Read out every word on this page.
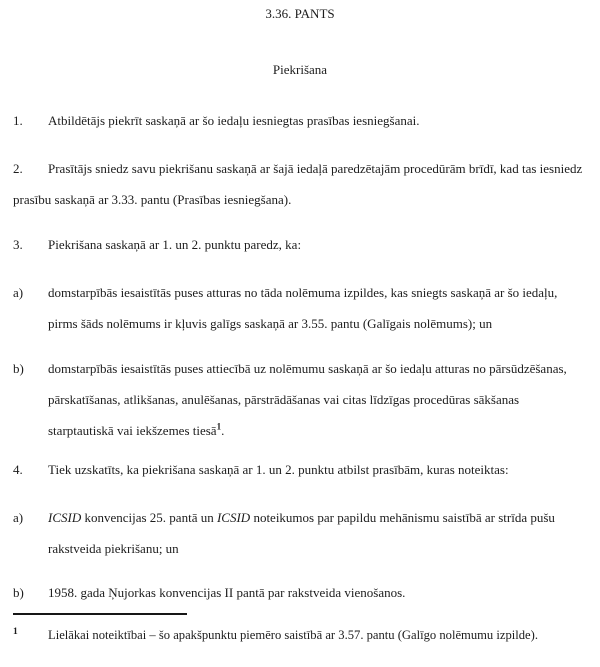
3.36. PANTS
Piekrišana
1. Atbildētājs piekrīt saskaņā ar šo iedaļu iesniegtas prasības iesniegšanai.
2. Prasītājs sniedz savu piekrišanu saskaņā ar šajā iedaļā paredzētajām procedūrām brīdī, kad tas iesniedz prasību saskaņā ar 3.33. pantu (Prasības iesniegšana).
3. Piekrišana saskaņā ar 1. un 2. punktu paredz, ka:
a) domstarpībās iesaistītās puses atturas no tāda nolēmuma izpildes, kas sniegts saskaņā ar šo iedaļu, pirms šāds nolēmums ir kļuvis galīgs saskaņā ar 3.55. pantu (Galīgais nolēmums); un
b) domstarpībās iesaistītās puses attiecībā uz nolēmumu saskaņā ar šo iedaļu atturas no pārsūdzēšanas, pārskatīšanas, atlikšanas, anulēšanas, pārstrādāšanas vai citas līdzīgas procedūras sākšanas starptautiskā vai iekšzemes tiesā$^1$.
4. Tiek uzskatīts, ka piekrišana saskaņā ar 1. un 2. punktu atbilst prasībām, kuras noteiktas:
a) ICSID konvencijas 25. pantā un ICSID noteikumos par papildu mehānismu saistībā ar strīda pušu rakstveida piekrišanu; un
b) 1958. gada Ņujorkas konvencijas II pantā par rakstveida vienošanos.
1 Lielākai noteiktībai – šo apakšpunktu piemēro saistībā ar 3.57. pantu (Galīgo nolēmumu izpilde).
